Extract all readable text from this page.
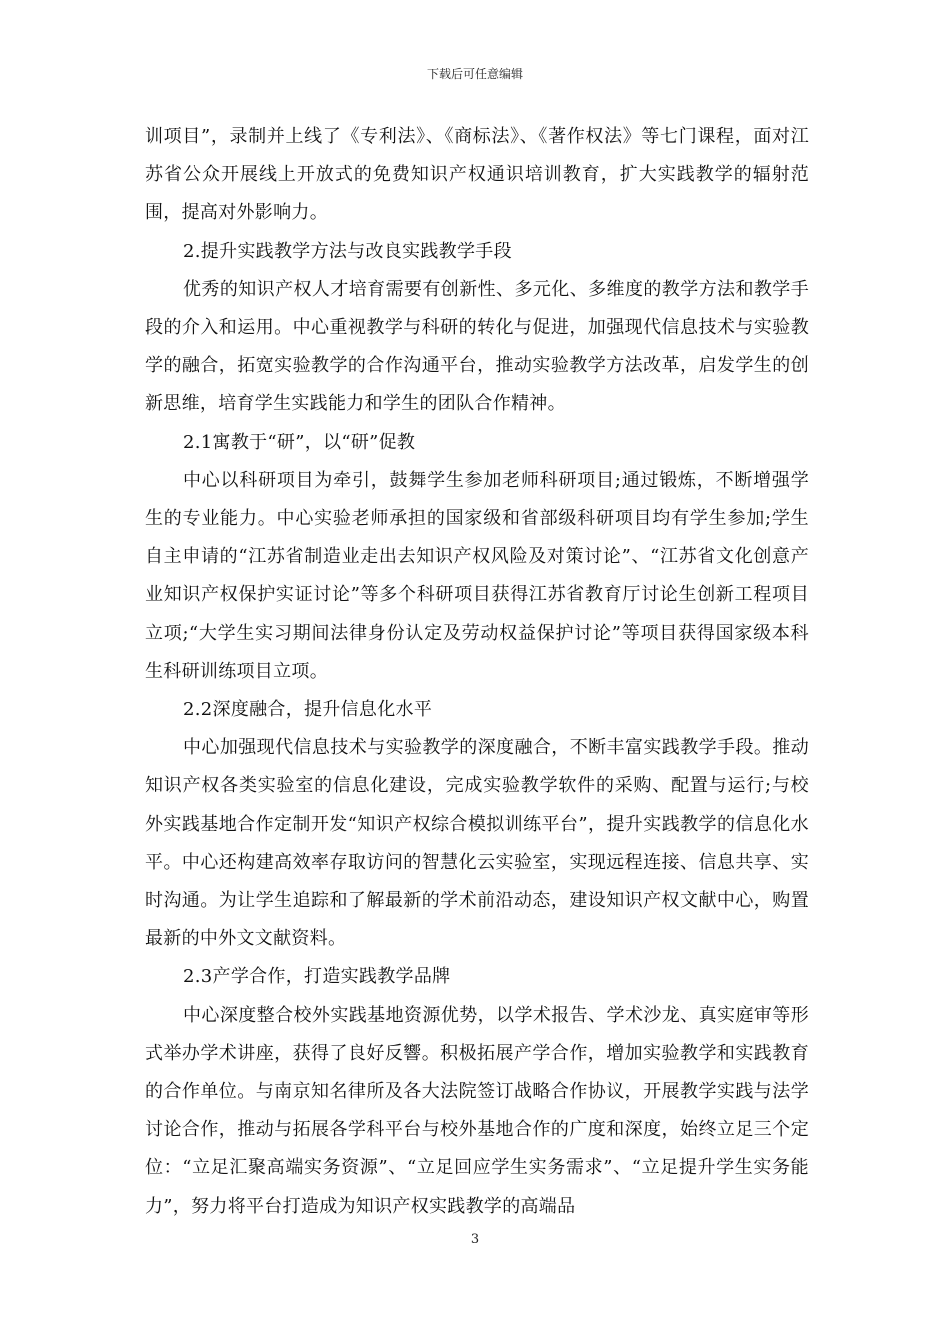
下载后可任意编辑

训项目”，录制并上线了《专利法》、《商标法》、《著作权法》等七门课程，面对江苏省公众开展线上开放式的免费知识产权通识培训教育，扩大实践教学的辐射范围，提高对外影响力。

2.提升实践教学方法与改良实践教学手段

优秀的知识产权人才培育需要有创新性、多元化、多维度的教学方法和教学手段的介入和运用。中心重视教学与科研的转化与促进，加强现代信息技术与实验教学的融合，拓宽实验教学的合作沟通平台，推动实验教学方法改革，启发学生的创新思维，培育学生实践能力和学生的团队合作精神。

2.1寓教于“研”，以“研”促教

中心以科研项目为牵引，鼓舞学生参加老师科研项目;通过锻炼，不断增强学生的专业能力。中心实验老师承担的国家级和省部级科研项目均有学生参加;学生自主申请的“江苏省制造业走出去知识产权风险及对策讨论”、“江苏省文化创意产业知识产权保护实证讨论”等多个科研项目获得江苏省教育厅讨论生创新工程项目立项;“大学生实习期间法律身份认定及劳动权益保护讨论”等项目获得国家级本科生科研训练项目立项。

2.2深度融合，提升信息化水平

中心加强现代信息技术与实验教学的深度融合，不断丰富实践教学手段。推动知识产权各类实验室的信息化建设，完成实验教学软件的采购、配置与运行;与校外实践基地合作定制开发“知识产权综合模拟训练平台”，提升实践教学的信息化水平。中心还构建高效率存取访问的智慧化云实验室，实现远程连接、信息共享、实时沟通。为让学生追踪和了解最新的学术前沿动态，建设知识产权文献中心，购置最新的中外文文献资料。

2.3产学合作，打造实践教学品牌

中心深度整合校外实践基地资源优势，以学术报告、学术沙龙、真实庭审等形式举办学术讲座，获得了良好反響。积极拓展产学合作，增加实验教学和实践教育的合作单位。与南京知名律所及各大法院签订战略合作协议，开展教学实践与法学讨论合作，推动与拓展各学科平台与校外基地合作的广度和深度，始终立足三个定位：“立足汇聚高端实务资源”、“立足回应学生实务需求”、“立足提升学生实务能力”，努力将平台打造成为知识产权实践教学的高端品

3
